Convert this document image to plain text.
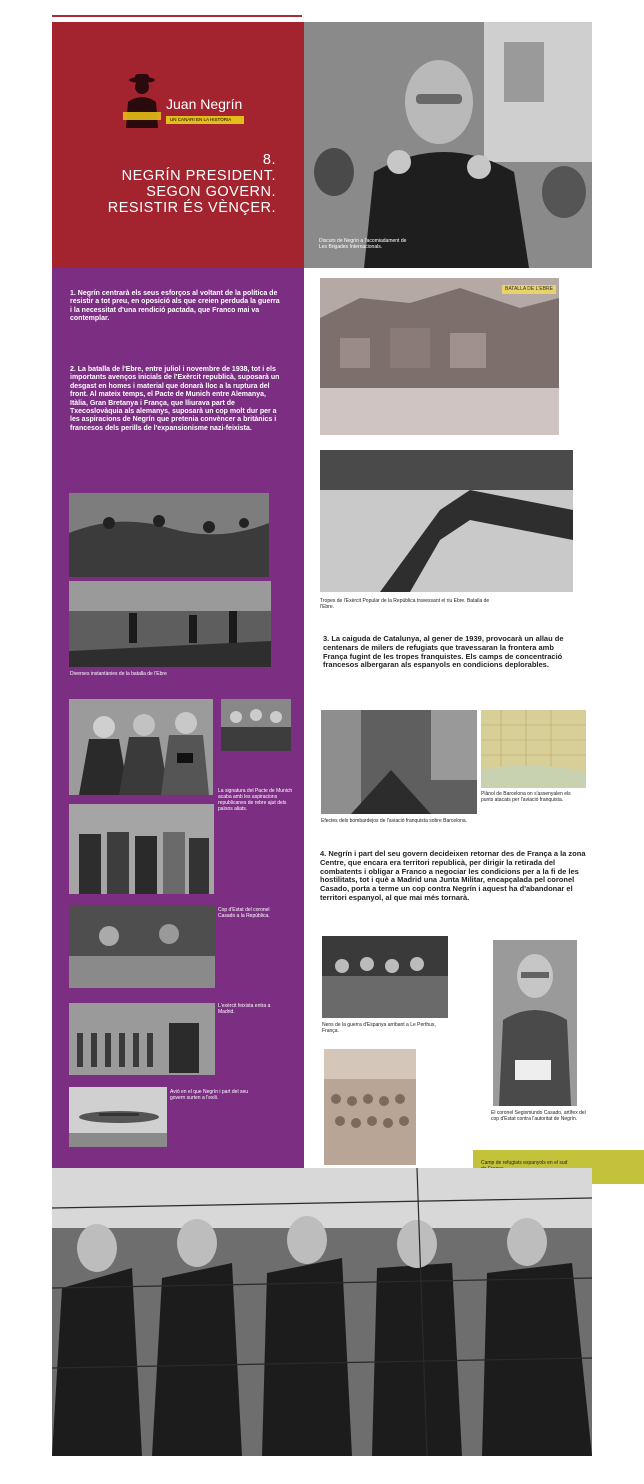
Juan Negrín
UN CANARI EN LA HISTÒRIA
8.
NEGRÍN PRESIDENT.
SEGON GOVERN.
RESISTIR ÉS VÈNÇER.
Discurs de Negrín a l'acomiadament de
Les Brigades Internacionals.
1. Negrín centrarà els seus esforços al voltant de la política de resistir a tot preu, en oposició als que creien perduda la guerra i la necessitat d'una rendició pactada, que Franco mai va contemplar.
2. La batalla de l'Ebre, entre juliol i novembre de 1938, tot i els importants avenços inicials de l'Exèrcit republicà, suposarà un desgast en homes i material que donarà lloc a la ruptura del front. Al mateix temps, el Pacte de Munich entre Alemanya, Itàlia, Gran Bretanya i França, que lliurava part de Txecoslovàquia als alemanys, suposarà un cop molt dur per a les aspiracions de Negrín que pretenia convèncer a britànics i francesos dels perills de l'expansionisme nazi-feixista.
Diverses instantànies de la batalla de l'Ebre
La signatura del Pacte de Munich acaba amb les aspiracions republicanes de rebre ajut dels països aliats.
Cop d'Estat del coronel Casado a la República.
L'exèrcit feixista entra a Madrid.
Avió en el que Negrín i part del seu govern surten a l'exili.
BATALLA DE L'EBRE
Tropes de l'Exèrcit Popular de la República travessant el riu Ebre. Batalla de l'Ebre.
3. La caiguda de Catalunya, al gener de 1939, provocarà un allau de centenars de milers de refugiats que travessaran la frontera amb França fugint de les tropes franquistes. Els camps de concentració francesos albergaran als espanyols en condicions deplorables.
Plànol de Barcelona on s'assenyalen els punts atacats per l'aviació franquista.
Efectes dels bombardejos de l'aviació franquista sobre Barcelona.
4. Negrín i part del seu govern decideixen retornar des de França a la zona Centre, que encara era territori republicà, per dirigir la retirada del combatents i obligar a Franco a negociar les condicions per a la fi de les hostilitats, tot i què a Madrid una Junta Militar, encapçalada pel coronel Casado, porta a terme un cop contra Negrín i aquest ha d'abandonar el territori espanyol, al que mai més tornarà.
Nens de la guerra d'Espanya arribant a Le Perthus, França.
El coronel Segismundo Casado, artífex del cop d'Estat contra l'autoritat de Negrín.
Camp de refugiats espanyols en el sud
